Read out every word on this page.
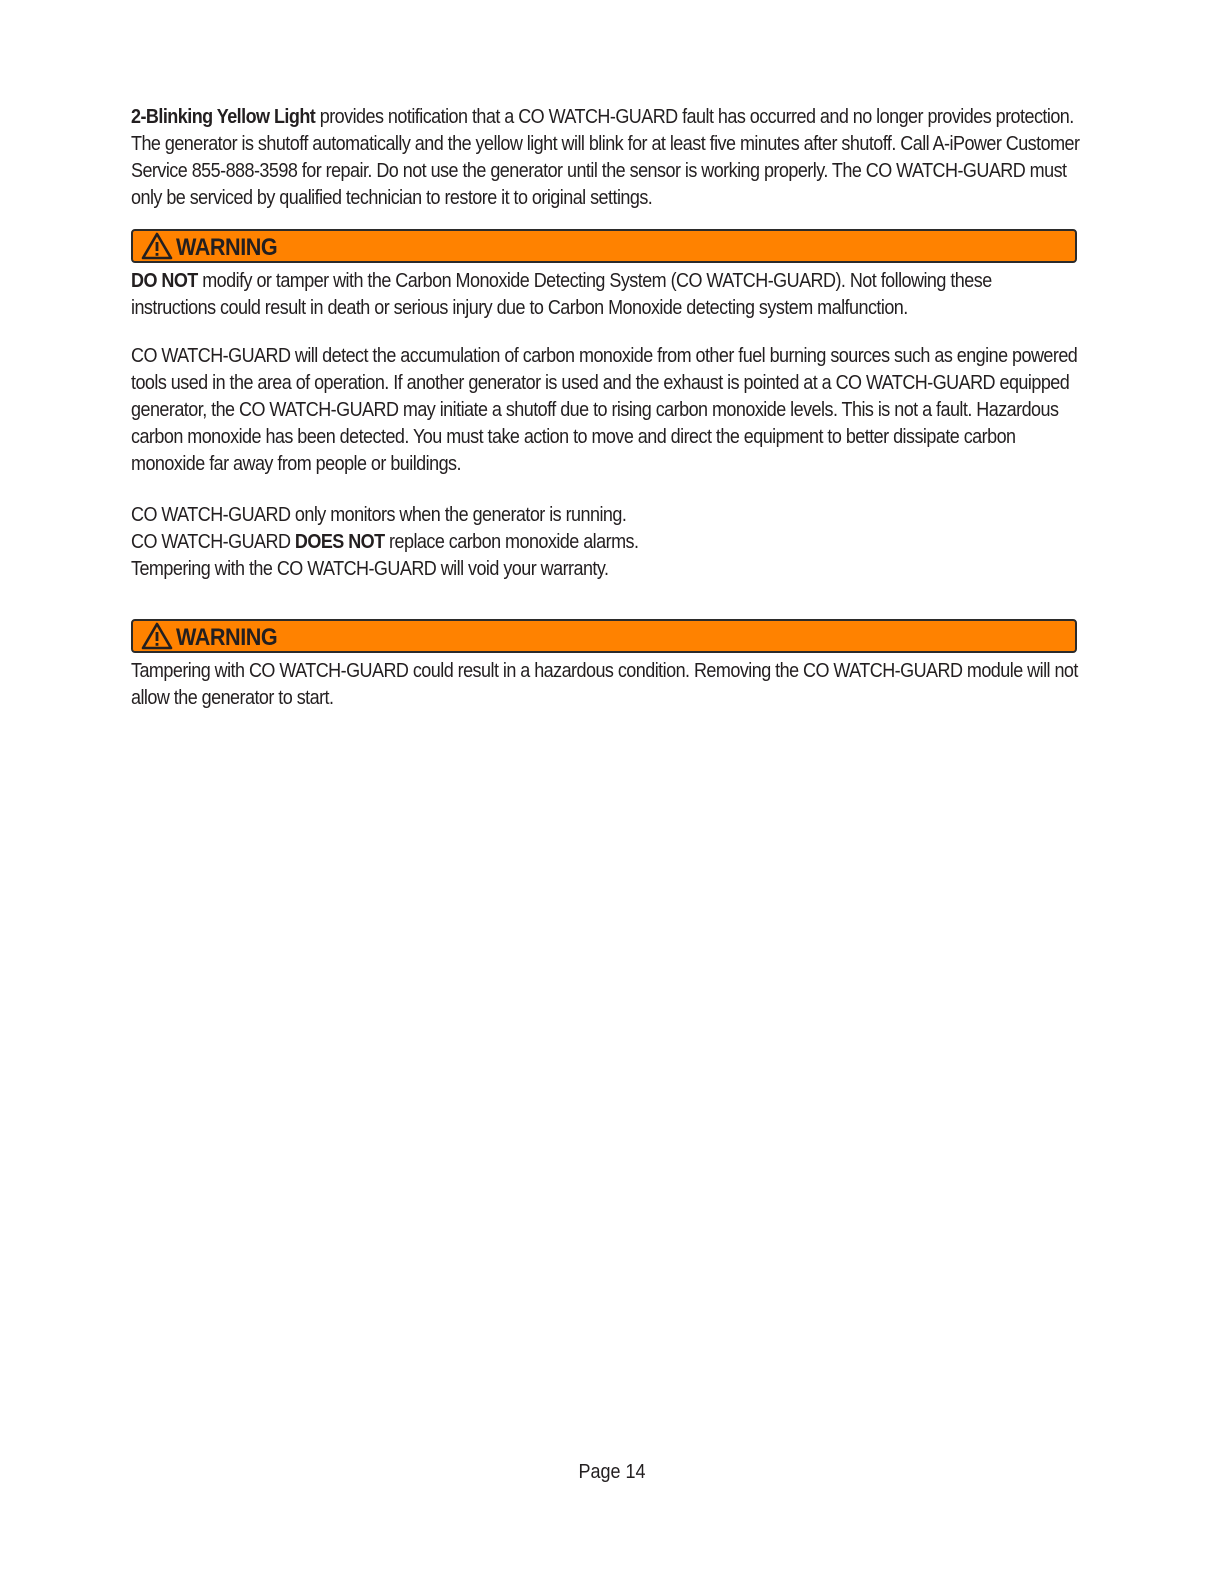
2-Blinking Yellow Light provides notification that a CO WATCH-GUARD fault has occurred and no longer provides protection. The generator is shutoff automatically and the yellow light will blink for at least five minutes after shutoff. Call A-iPower Customer Service 855-888-3598 for repair. Do not use the generator until the sensor is working properly. The CO WATCH-GUARD must only be serviced by qualified technician to restore it to original settings.

WARNING

DO NOT modify or tamper with the Carbon Monoxide Detecting System (CO WATCH-GUARD). Not following these instructions could result in death or serious injury due to Carbon Monoxide detecting system malfunction.

CO WATCH-GUARD will detect the accumulation of carbon monoxide from other fuel burning sources such as engine powered tools used in the area of operation. If another generator is used and the exhaust is pointed at a CO WATCH-GUARD equipped generator, the CO WATCH-GUARD may initiate a shutoff due to rising carbon monoxide levels. This is not a fault. Hazardous carbon monoxide has been detected. You must take action to move and direct the equipment to better dissipate carbon monoxide far away from people or buildings.

CO WATCH-GUARD only monitors when the generator is running.

CO WATCH-GUARD DOES NOT replace carbon monoxide alarms.

Tempering with the CO WATCH-GUARD will void your warranty.

WARNING

Tampering with CO WATCH-GUARD could result in a hazardous condition. Removing the CO WATCH-GUARD module will not allow the generator to start.

Page 14
